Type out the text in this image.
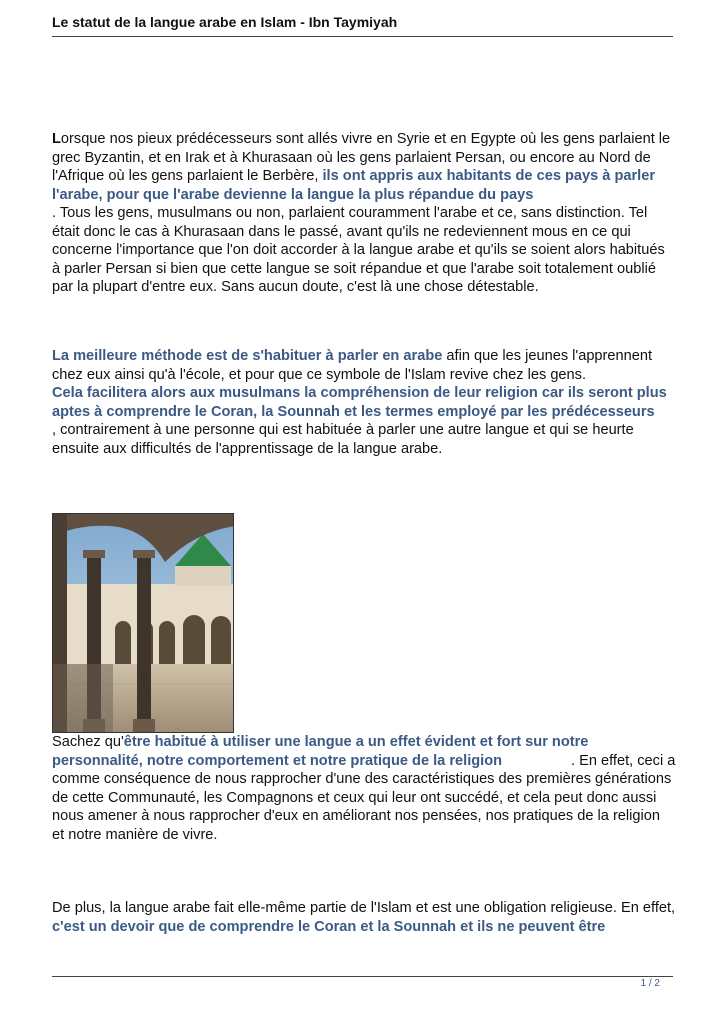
Le statut de la langue arabe en Islam - Ibn Taymiyah
Lorsque nos pieux prédécesseurs sont allés vivre en Syrie et en Egypte où les gens parlaient le grec Byzantin, et en Irak et à Khurasaan où les gens parlaient Persan, ou encore au Nord de l'Afrique où les gens parlaient le Berbère, ils ont appris aux habitants de ces pays à parler l'arabe, pour que l'arabe devienne la langue la plus répandue du pays
. Tous les gens, musulmans ou non, parlaient couramment l'arabe et ce, sans distinction. Tel était donc le cas à Khurasaan dans le passé, avant qu'ils ne redeviennent mous en ce qui concerne l'importance que l'on doit accorder à la langue arabe et qu'ils se soient alors habitués à parler Persan si bien que cette langue se soit répandue et que l'arabe soit totalement oublié par la plupart d'entre eux. Sans aucun doute, c'est là une chose détestable.
La meilleure méthode est de s'habituer à parler en arabe afin que les jeunes l'apprennent chez eux ainsi qu'à l'école, et pour que ce symbole de l'Islam revive chez les gens.
Cela facilitera alors aux musulmans la compréhension de leur religion car ils seront plus aptes à comprendre le Coran, la Sounnah et les termes employé par les prédécesseurs
, contrairement à une personne qui est habituée à parler une autre langue et qui se heurte ensuite aux difficultés de l'apprentissage de la langue arabe.
Sachez qu'être habitué à utiliser une langue a un effet évident et fort sur notre personnalité, notre comportement et notre pratique de la religion	. En effet, ceci a comme conséquence de nous rapprocher d'une des caractéristiques des premières générations de cette Communauté, les Compagnons et ceux qui leur ont succédé, et cela peut donc aussi nous amener à nous rapprocher d'eux en améliorant nos pensées, nos pratiques de la religion et notre manière de vivre.
De plus, la langue arabe fait elle-même partie de l'Islam et est une obligation religieuse. En effet, c'est un devoir que de comprendre le Coran et la Sounnah et ils ne peuvent être
1 / 2
